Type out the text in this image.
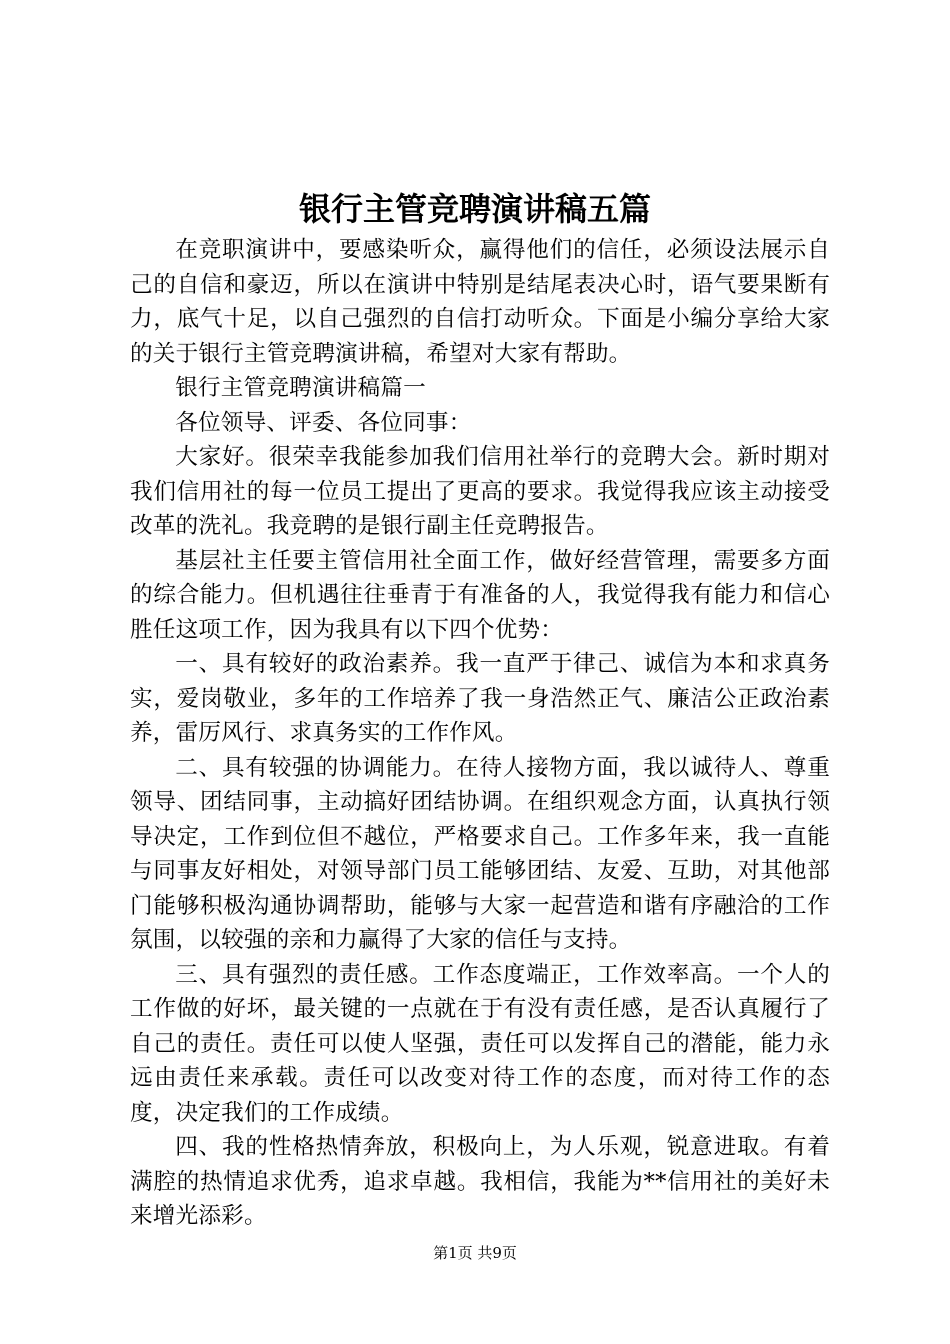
银行主管竞聘演讲稿五篇

在竞职演讲中，要感染听众，赢得他们的信任，必须设法展示自己的自信和豪迈，所以在演讲中特别是结尾表决心时，语气要果断有力，底气十足，以自己强烈的自信打动听众。下面是小编分享给大家的关于银行主管竞聘演讲稿，希望对大家有帮助。

银行主管竞聘演讲稿篇一

各位领导、评委、各位同事：

大家好。很荣幸我能参加我们信用社举行的竞聘大会。新时期对我们信用社的每一位员工提出了更高的要求。我觉得我应该主动接受改革的洗礼。我竞聘的是银行副主任竞聘报告。

基层社主任要主管信用社全面工作，做好经营管理，需要多方面的综合能力。但机遇往往垂青于有准备的人，我觉得我有能力和信心胜任这项工作，因为我具有以下四个优势：

一、具有较好的政治素养。我一直严于律己、诚信为本和求真务实，爱岗敬业，多年的工作培养了我一身浩然正气、廉洁公正政治素养，雷厉风行、求真务实的工作作风。

二、具有较强的协调能力。在待人接物方面，我以诚待人、尊重领导、团结同事，主动搞好团结协调。在组织观念方面，认真执行领导决定，工作到位但不越位，严格要求自己。工作多年来，我一直能与同事友好相处，对领导部门员工能够团结、友爱、互助，对其他部门能够积极沟通协调帮助，能够与大家一起营造和谐有序融洽的工作氛围，以较强的亲和力赢得了大家的信任与支持。

三、具有强烈的责任感。工作态度端正，工作效率高。一个人的工作做的好坏，最关键的一点就在于有没有责任感，是否认真履行了自己的责任。责任可以使人坚强，责任可以发挥自己的潜能，能力永远由责任来承载。责任可以改变对待工作的态度，而对待工作的态度，决定我们的工作成绩。

四、我的性格热情奔放，积极向上，为人乐观，锐意进取。有着满腔的热情追求优秀，追求卓越。我相信，我能为**信用社的美好未来增光添彩。

第1页 共9页
